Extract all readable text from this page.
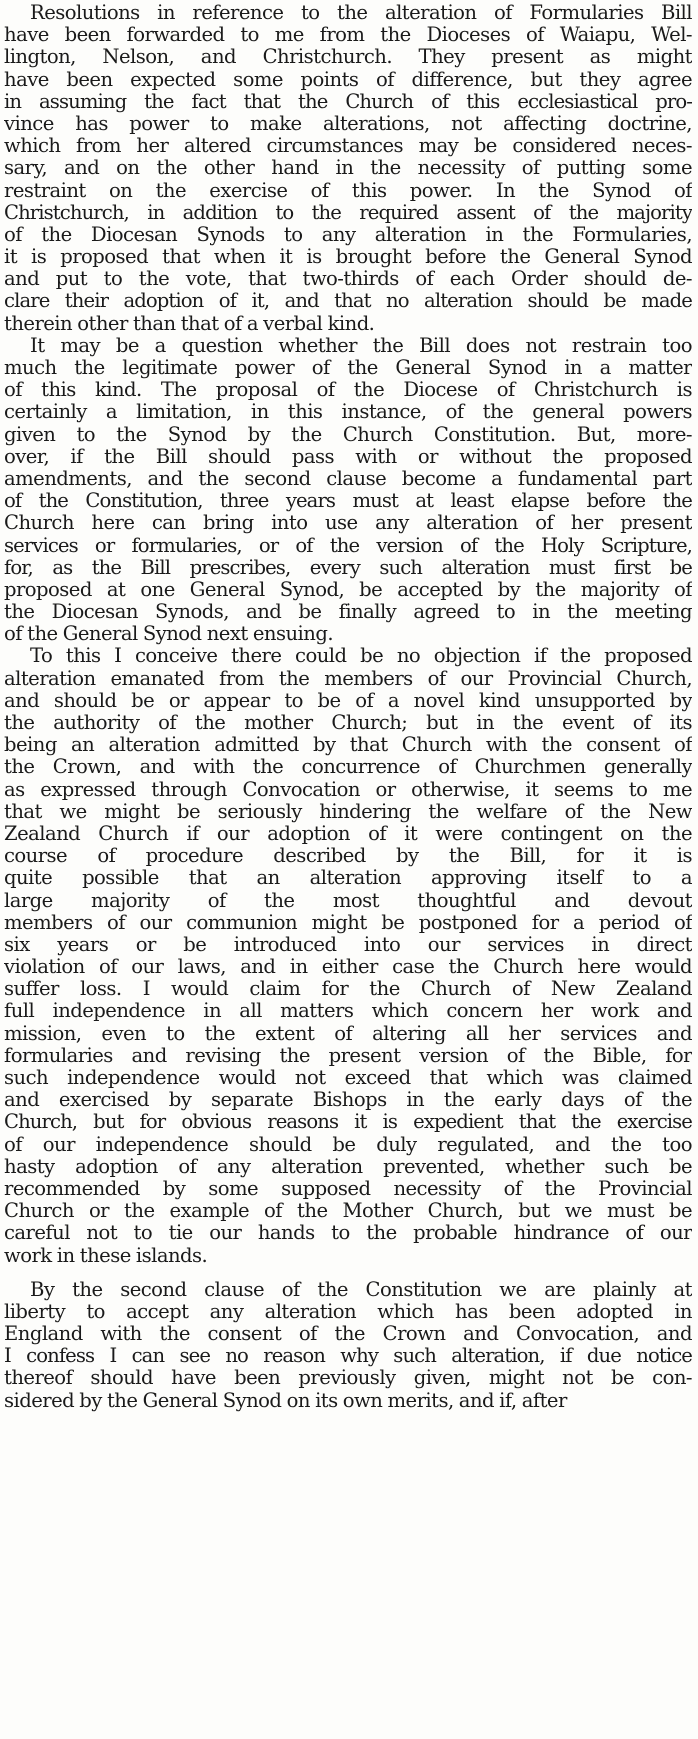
Resolutions in reference to the alteration of Formularies Bill
have been forwarded to me from the Dioceses of Waiapu, Wel-
lington, Nelson, and Christchurch. They present as might
have been expected some points of difference, but they agree
in assuming the fact that the Church of this ecclesiastical pro-
vince has power to make alterations, not affecting doctrine,
which from her altered circumstances may be considered neces-
sary, and on the other hand in the necessity of putting some
restraint on the exercise of this power. In the Synod of
Christchurch, in addition to the required assent of the majority
of the Diocesan Synods to any alteration in the Formularies,
it is proposed that when it is brought before the General Synod
and put to the vote, that two-thirds of each Order should de-
clare their adoption of it, and that no alteration should be made
therein other than that of a verbal kind.
It may be a question whether the Bill does not restrain too
much the legitimate power of the General Synod in a matter
of this kind. The proposal of the Diocese of Christchurch is
certainly a limitation, in this instance, of the general powers
given to the Synod by the Church Constitution. But, more-
over, if the Bill should pass with or without the proposed
amendments, and the second clause become a fundamental part
of the Constitution, three years must at least elapse before the
Church here can bring into use any alteration of her present
services or formularies, or of the version of the Holy Scripture,
for, as the Bill prescribes, every such alteration must first be
proposed at one General Synod, be accepted by the majority of
the Diocesan Synods, and be finally agreed to in the meeting
of the General Synod next ensuing.
To this I conceive there could be no objection if the proposed
alteration emanated from the members of our Provincial Church,
and should be or appear to be of a novel kind unsupported by
the authority of the mother Church; but in the event of its
being an alteration admitted by that Church with the consent of
the Crown, and with the concurrence of Churchmen generally
as expressed through Convocation or otherwise, it seems to me
that we might be seriously hindering the welfare of the New
Zealand Church if our adoption of it were contingent on the
course of procedure described by the Bill, for it is
quite possible that an alteration approving itself to a
large majority of the most thoughtful and devout
members of our communion might be postponed for a period of
six years or be introduced into our services in direct
violation of our laws, and in either case the Church here would
suffer loss. I would claim for the Church of New Zealand
full independence in all matters which concern her work and
mission, even to the extent of altering all her services and
formularies and revising the present version of the Bible, for
such independence would not exceed that which was claimed
and exercised by separate Bishops in the early days of the
Church, but for obvious reasons it is expedient that the exercise
of our independence should be duly regulated, and the too
hasty adoption of any alteration prevented, whether such be
recommended by some supposed necessity of the Provincial
Church or the example of the Mother Church, but we must be
careful not to tie our hands to the probable hindrance of our
work in these islands.
By the second clause of the Constitution we are plainly at
liberty to accept any alteration which has been adopted in
England with the consent of the Crown and Convocation, and
I confess I can see no reason why such alteration, if due notice
thereof should have been previously given, might not be con-
sidered by the General Synod on its own merits, and if, after
